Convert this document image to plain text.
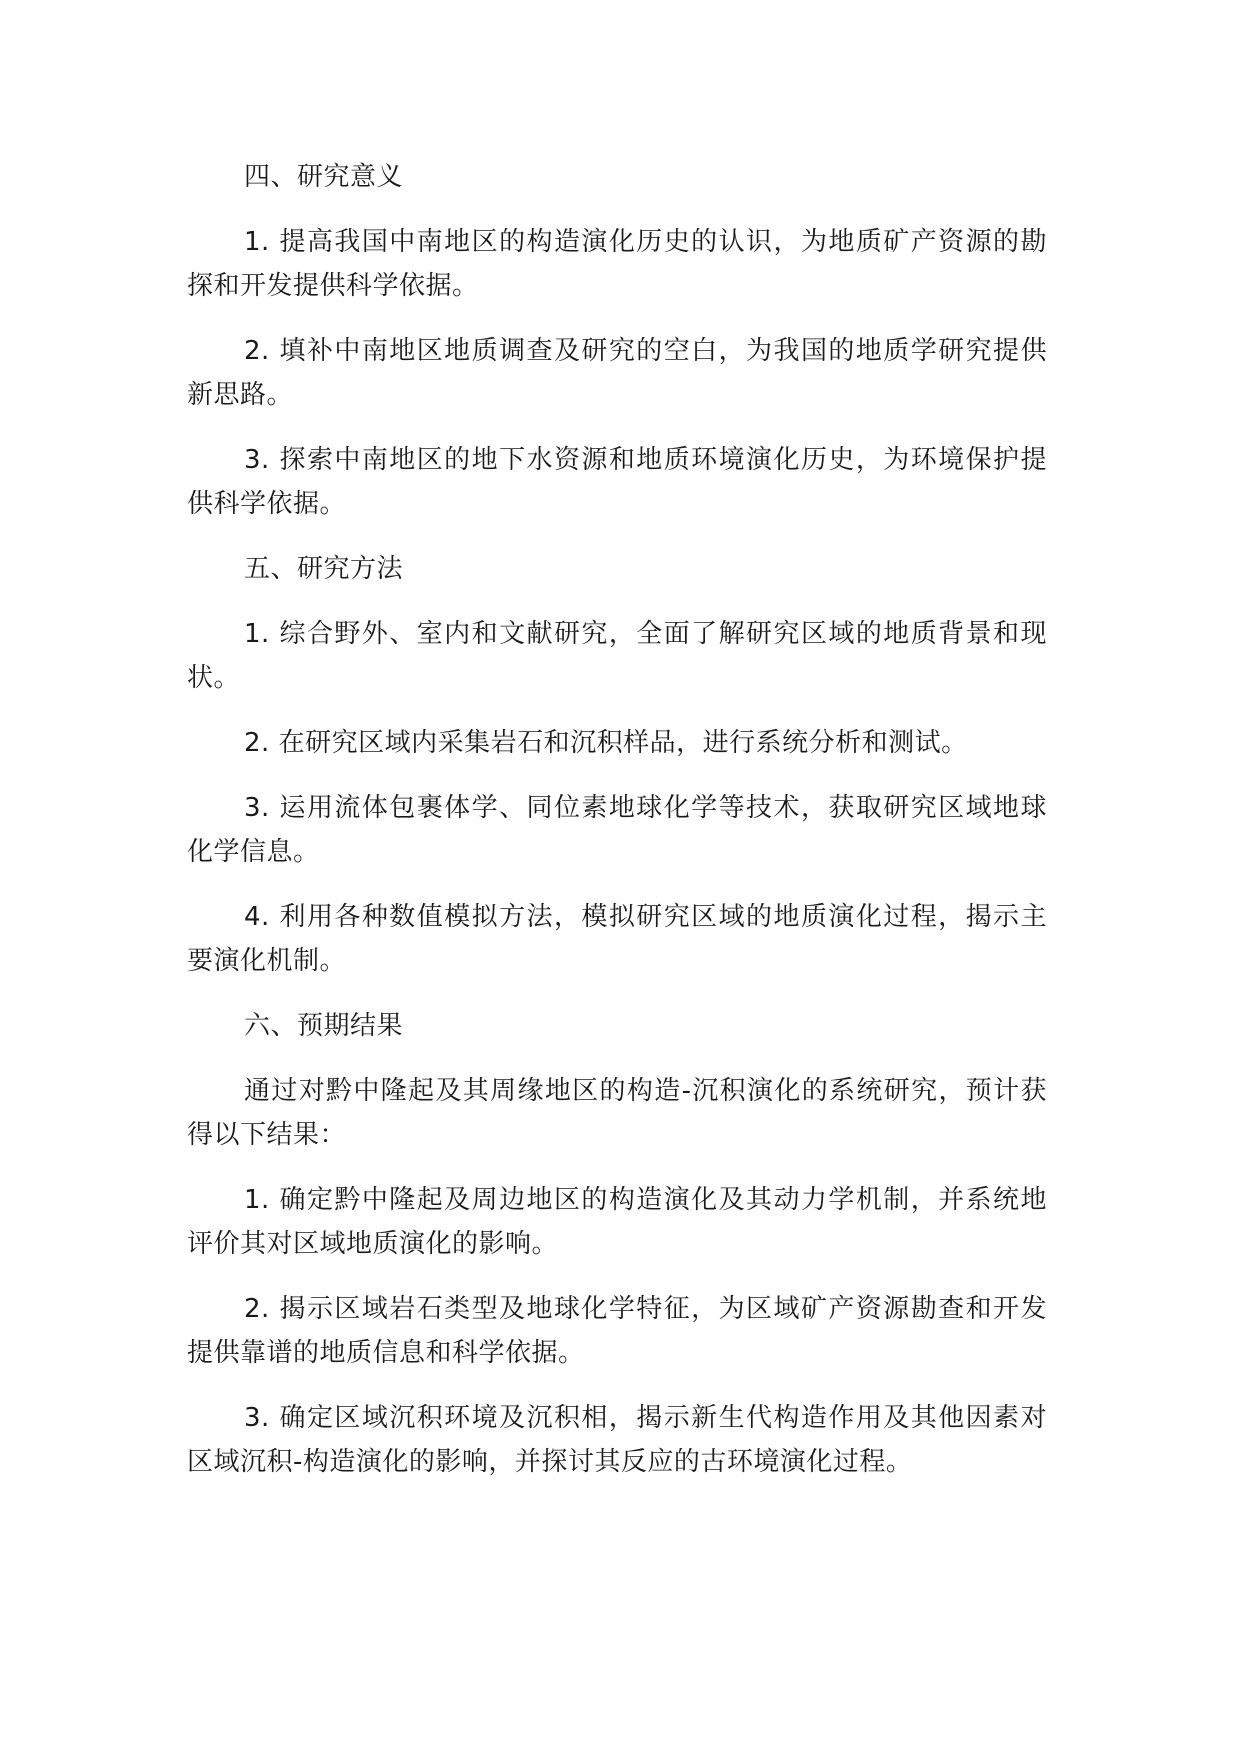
四、研究意义

1. 提高我国中南地区的构造演化历史的认识，为地质矿产资源的勘探和开发提供科学依据。

2. 填补中南地区地质调查及研究的空白，为我国的地质学研究提供新思路。

3. 探索中南地区的地下水资源和地质环境演化历史，为环境保护提供科学依据。

五、研究方法

1. 综合野外、室内和文献研究，全面了解研究区域的地质背景和现状。

2. 在研究区域内采集岩石和沉积样品，进行系统分析和测试。

3. 运用流体包裹体学、同位素地球化学等技术，获取研究区域地球化学信息。

4. 利用各种数值模拟方法，模拟研究区域的地质演化过程，揭示主要演化机制。

六、预期结果

通过对黔中隆起及其周缘地区的构造-沉积演化的系统研究，预计获得以下结果：

1. 确定黔中隆起及周边地区的构造演化及其动力学机制，并系统地评价其对区域地质演化的影响。

2. 揭示区域岩石类型及地球化学特征，为区域矿产资源勘查和开发提供靠谱的地质信息和科学依据。

3. 确定区域沉积环境及沉积相，揭示新生代构造作用及其他因素对区域沉积-构造演化的影响，并探讨其反应的古环境演化过程。
